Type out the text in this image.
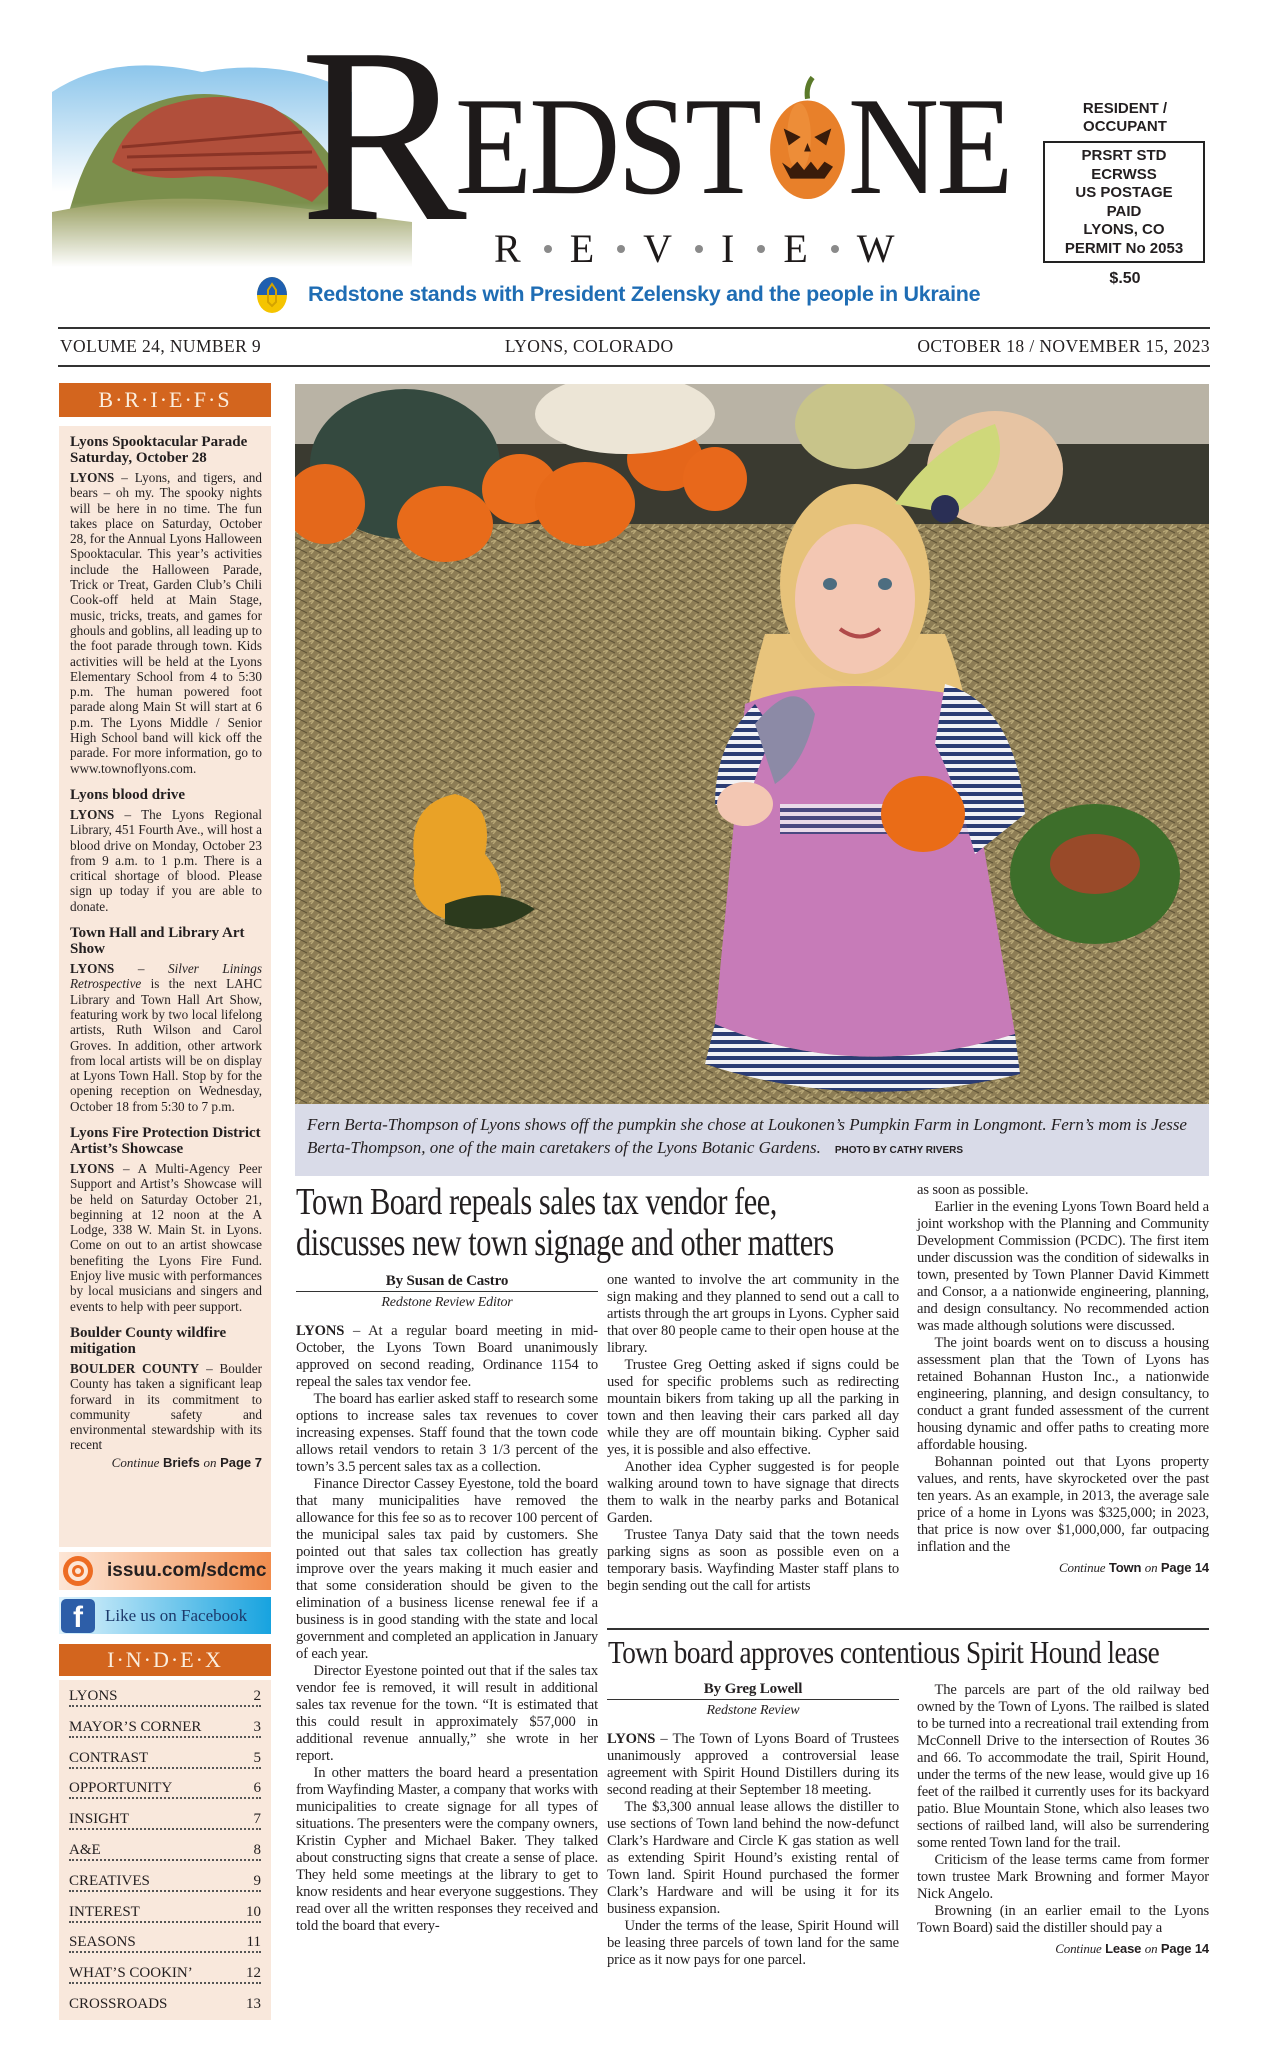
R
EDST NE
R E V I E W
Redstone stands with President Zelensky and the people in Ukraine
RESIDENT /
OCCUPANT
PRSRT STD
ECRWSS
US POSTAGE
PAID
LYONS, CO
PERMIT No 2053
$.50
VOLUME 24, NUMBER 9	LYONS, COLORADO	OCTOBER 18 / NOVEMBER 15, 2023
B·R·I·E·F·S
Lyons Spooktacular Parade Saturday, October 28

LYONS – Lyons, and tigers, and bears – oh my. The spooky nights will be here in no time. The fun takes place on Saturday, October 28, for the Annual Lyons Halloween Spooktacular. This year’s activities include the Halloween Parade, Trick or Treat, Garden Club’s Chili Cook-off held at Main Stage, music, tricks, treats, and games for ghouls and goblins, all leading up to the foot parade through town. Kids activities will be held at the Lyons Elementary School from 4 to 5:30 p.m. The human powered foot parade along Main St will start at 6 p.m. The Lyons Middle / Senior High School band will kick off the parade. For more information, go to www.townoflyons.com.

Lyons blood drive

LYONS – The Lyons Regional Library, 451 Fourth Ave., will host a blood drive on Monday, October 23 from 9 a.m. to 1 p.m. There is a critical shortage of blood. Please sign up today if you are able to donate.

Town Hall and Library Art Show

LYONS – Silver Linings Retrospective is the next LAHC Library and Town Hall Art Show, featuring work by two local lifelong artists, Ruth Wilson and Carol Groves. In addition, other artwork from local artists will be on display at Lyons Town Hall. Stop by for the opening reception on Wednesday, October 18 from 5:30 to 7 p.m.

Lyons Fire Protection District Artist’s Showcase

LYONS – A Multi-Agency Peer Support and Artist’s Showcase will be held on Saturday October 21, beginning at 12 noon at the A Lodge, 338 W. Main St. in Lyons. Come on out to an artist showcase benefiting the Lyons Fire Fund. Enjoy live music with performances by local musicians and singers and events to help with peer support.

Boulder County wildfire mitigation

BOULDER COUNTY – Boulder County has taken a significant leap forward in its commitment to community safety and environmental stewardship with its recent

Continue Briefs on Page 7
issuu.com/sdcmc
f	Like us on Facebook
I·N·D·E·X
LYONS	2
MAYOR’S CORNER	3
CONTRAST	5
OPPORTUNITY	6
INSIGHT	7
A&E	8
CREATIVES	9
INTEREST	10
SEASONS	11
WHAT’S COOKIN’	12
CROSSROADS	13
Fern Berta-Thompson of Lyons shows off the pumpkin she chose at Loukonen’s Pumpkin Farm in Longmont. Fern’s mom is Jesse Berta-Thompson, one of the main caretakers of the Lyons Botanic Gardens. PHOTO BY CATHY RIVERS
Town Board repeals sales tax vendor fee,
discusses new town signage and other matters
By Susan de Castro
Redstone Review Editor

LYONS – At a regular board meeting in mid-October, the Lyons Town Board unanimously approved on second reading, Ordinance 1154 to repeal the sales tax vendor fee.

The board has earlier asked staff to research some options to increase sales tax revenues to cover increasing expenses. Staff found that the town code allows retail vendors to retain 3 1/3 percent of the town’s 3.5 percent sales tax as a collection.

Finance Director Cassey Eyestone, told the board that many municipalities have removed the allowance for this fee so as to recover 100 percent of the municipal sales tax paid by customers. She pointed out that sales tax collection has greatly improve over the years making it much easier and that some consideration should be given to the elimination of a business license renewal fee if a business is in good standing with the state and local government and completed an application in January of each year.

Director Eyestone pointed out that if the sales tax vendor fee is removed, it will result in additional sales tax revenue for the town. “It is estimated that this could result in approximately $57,000 in additional revenue annually,” she wrote in her report.

In other matters the board heard a presentation from Wayfinding Master, a company that works with municipalities to create signage for all types of situations. The presenters were the company owners, Kristin Cypher and Michael Baker. They talked about constructing signs that create a sense of place. They held some meetings at the library to get to know residents and hear everyone suggestions. They read over all the written responses they received and told the board that every-

one wanted to involve the art community in the sign making and they planned to send out a call to artists through the art groups in Lyons. Cypher said that over 80 people came to their open house at the library.

Trustee Greg Oetting asked if signs could be used for specific problems such as redirecting mountain bikers from taking up all the parking in town and then leaving their cars parked all day while they are off mountain biking. Cypher said yes, it is possible and also effective.

Another idea Cypher suggested is for people walking around town to have signage that directs them to walk in the nearby parks and Botanical Garden.

Trustee Tanya Daty said that the town needs parking signs as soon as possible even on a temporary basis. Wayfinding Master staff plans to begin sending out the call for artists

as soon as possible.

Earlier in the evening Lyons Town Board held a joint workshop with the Planning and Community Development Commission (PCDC). The first item under discussion was the condition of sidewalks in town, presented by Town Planner David Kimmett and Consor, a a nationwide engineering, planning, and design consultancy. No recommended action was made although solutions were discussed.

The joint boards went on to discuss a housing assessment plan that the Town of Lyons has retained Bohannan Huston Inc., a nationwide engineering, planning, and design consultancy, to conduct a grant funded assessment of the current housing dynamic and offer paths to creating more affordable housing.

Bohannan pointed out that Lyons property values, and rents, have skyrocketed over the past ten years. As an example, in 2013, the average sale price of a home in Lyons was $325,000; in 2023, that price is now over $1,000,000, far outpacing inflation and the

Continue Town on Page 14
Town board approves contentious Spirit Hound lease
By Greg Lowell
Redstone Review

LYONS – The Town of Lyons Board of Trustees unanimously approved a controversial lease agreement with Spirit Hound Distillers during its second reading at their September 18 meeting.

The $3,300 annual lease allows the distiller to use sections of Town land behind the now-defunct Clark’s Hardware and Circle K gas station as well as extending Spirit Hound’s existing rental of Town land. Spirit Hound purchased the former Clark’s Hardware and will be using it for its business expansion.

Under the terms of the lease, Spirit Hound will be leasing three parcels of town land for the same price as it now pays for one parcel.

The parcels are part of the old railway bed owned by the Town of Lyons. The railbed is slated to be turned into a recreational trail extending from McConnell Drive to the intersection of Routes 36 and 66. To accommodate the trail, Spirit Hound, under the terms of the new lease, would give up 16 feet of the railbed it currently uses for its backyard patio. Blue Mountain Stone, which also leases two sections of railbed land, will also be surrendering some rented Town land for the trail.

Criticism of the lease terms came from former town trustee Mark Browning and former Mayor Nick Angelo.

Browning (in an earlier email to the Lyons Town Board) said the distiller should pay a

Continue Lease on Page 14
